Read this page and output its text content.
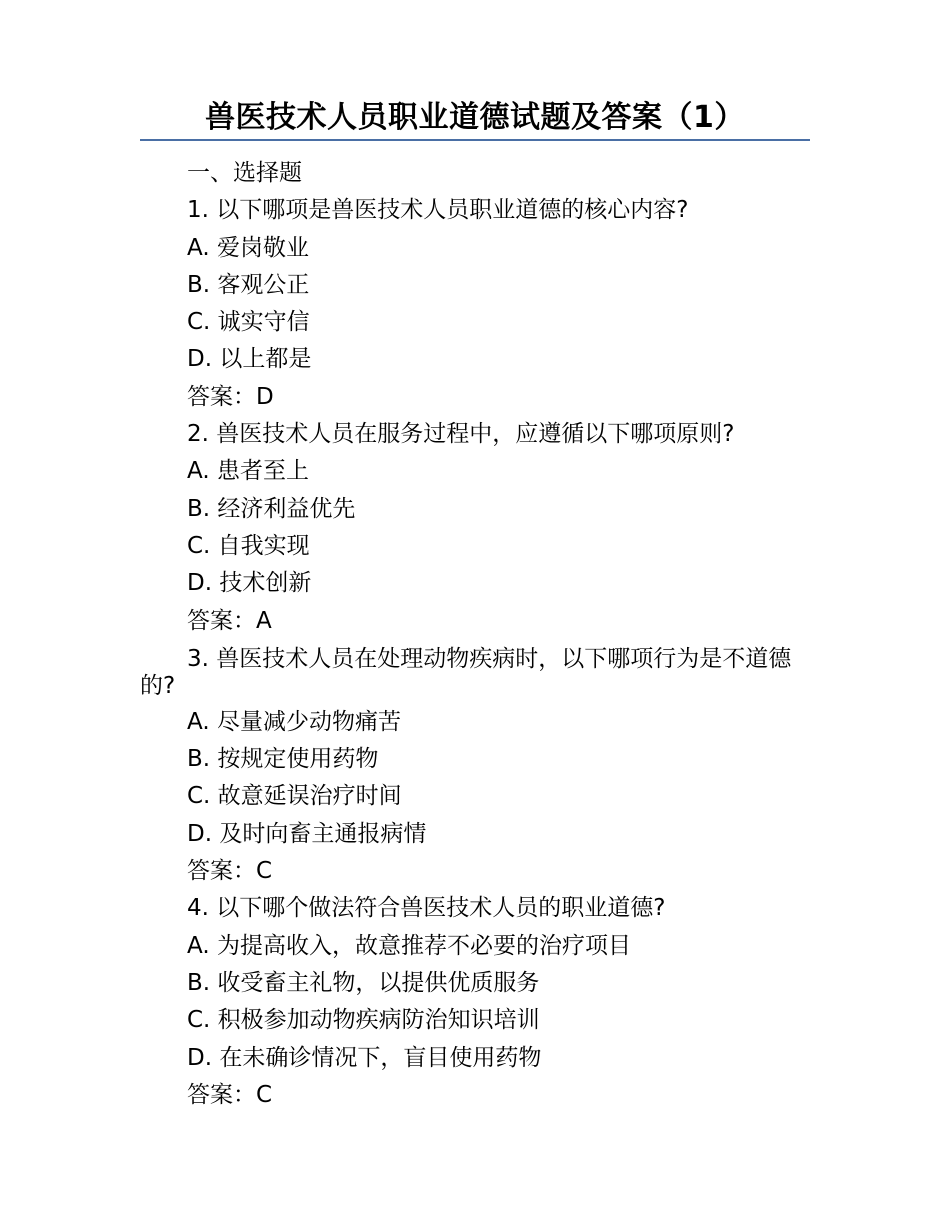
兽医技术人员职业道德试题及答案（1）
一、选择题
1. 以下哪项是兽医技术人员职业道德的核心内容?
A. 爱岗敬业
B. 客观公正
C. 诚实守信
D. 以上都是
答案：D
2. 兽医技术人员在服务过程中，应遵循以下哪项原则?
A. 患者至上
B. 经济利益优先
C. 自我实现
D. 技术创新
答案：A
3. 兽医技术人员在处理动物疾病时，以下哪项行为是不道德的?
A. 尽量减少动物痛苦
B. 按规定使用药物
C. 故意延误治疗时间
D. 及时向畜主通报病情
答案：C
4. 以下哪个做法符合兽医技术人员的职业道德?
A. 为提高收入，故意推荐不必要的治疗项目
B. 收受畜主礼物，以提供优质服务
C. 积极参加动物疾病防治知识培训
D. 在未确诊情况下，盲目使用药物
答案：C
